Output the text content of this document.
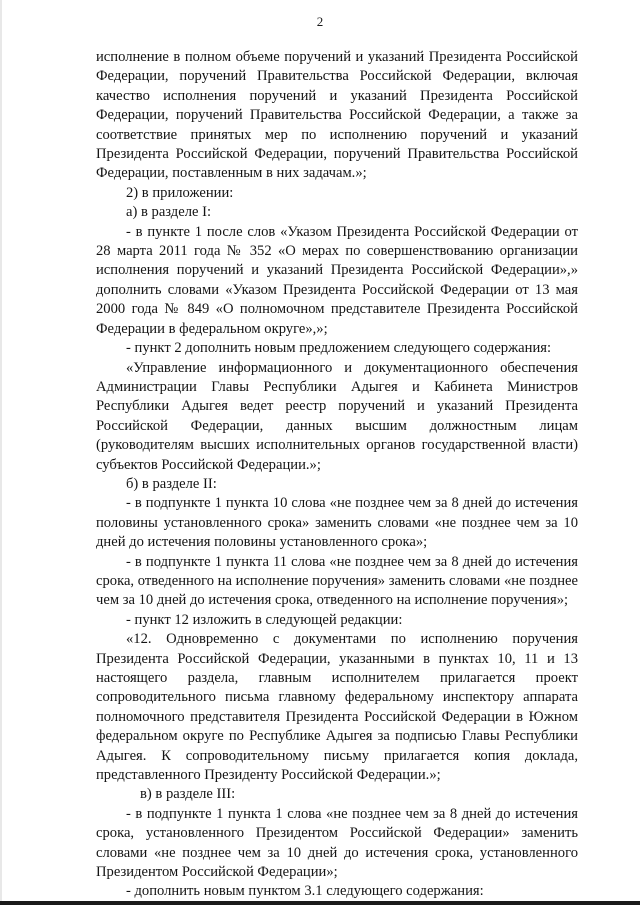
2

исполнение в полном объеме поручений и указаний Президента Российской Федерации, поручений Правительства Российской Федерации, включая качество исполнения поручений и указаний Президента Российской Федерации, поручений Правительства Российской Федерации, а также за соответствие принятых мер по исполнению поручений и указаний Президента Российской Федерации, поручений Правительства Российской Федерации, поставленным в них задачам.»;

2) в приложении:

а) в разделе I:

- в пункте 1 после слов «Указом Президента Российской Федерации от 28 марта 2011 года № 352 «О мерах по совершенствованию организации исполнения поручений и указаний Президента Российской Федерации»,» дополнить словами «Указом Президента Российской Федерации от 13 мая 2000 года № 849 «О полномочном представителе Президента Российской Федерации в федеральном округе»,»;

- пункт 2 дополнить новым предложением следующего содержания:

«Управление информационного и документационного обеспечения Администрации Главы Республики Адыгея и Кабинета Министров Республики Адыгея ведет реестр поручений и указаний Президента Российской Федерации, данных высшим должностным лицам (руководителям высших исполнительных органов государственной власти) субъектов Российской Федерации.»;

б) в разделе II:

- в подпункте 1 пункта 10 слова «не позднее чем за 8 дней до истечения половины установленного срока» заменить словами «не позднее чем за 10 дней до истечения половины установленного срока»;

- в подпункте 1 пункта 11 слова «не позднее чем за 8 дней до истечения срока, отведенного на исполнение поручения» заменить словами «не позднее чем за 10 дней до истечения срока, отведенного на исполнение поручения»;

- пункт 12 изложить в следующей редакции:

«12. Одновременно с документами по исполнению поручения Президента Российской Федерации, указанными в пунктах 10, 11 и 13 настоящего раздела, главным исполнителем прилагается проект сопроводительного письма главному федеральному инспектору аппарата полномочного представителя Президента Российской Федерации в Южном федеральном округе по Республике Адыгея за подписью Главы Республики Адыгея. К сопроводительному письму прилагается копия доклада, представленного Президенту Российской Федерации.»;

в) в разделе III:

- в подпункте 1 пункта 1 слова «не позднее чем за 8 дней до истечения срока, установленного Президентом Российской Федерации» заменить словами «не позднее чем за 10 дней до истечения срока, установленного Президентом Российской Федерации»;

- дополнить новым пунктом 3.1 следующего содержания:
